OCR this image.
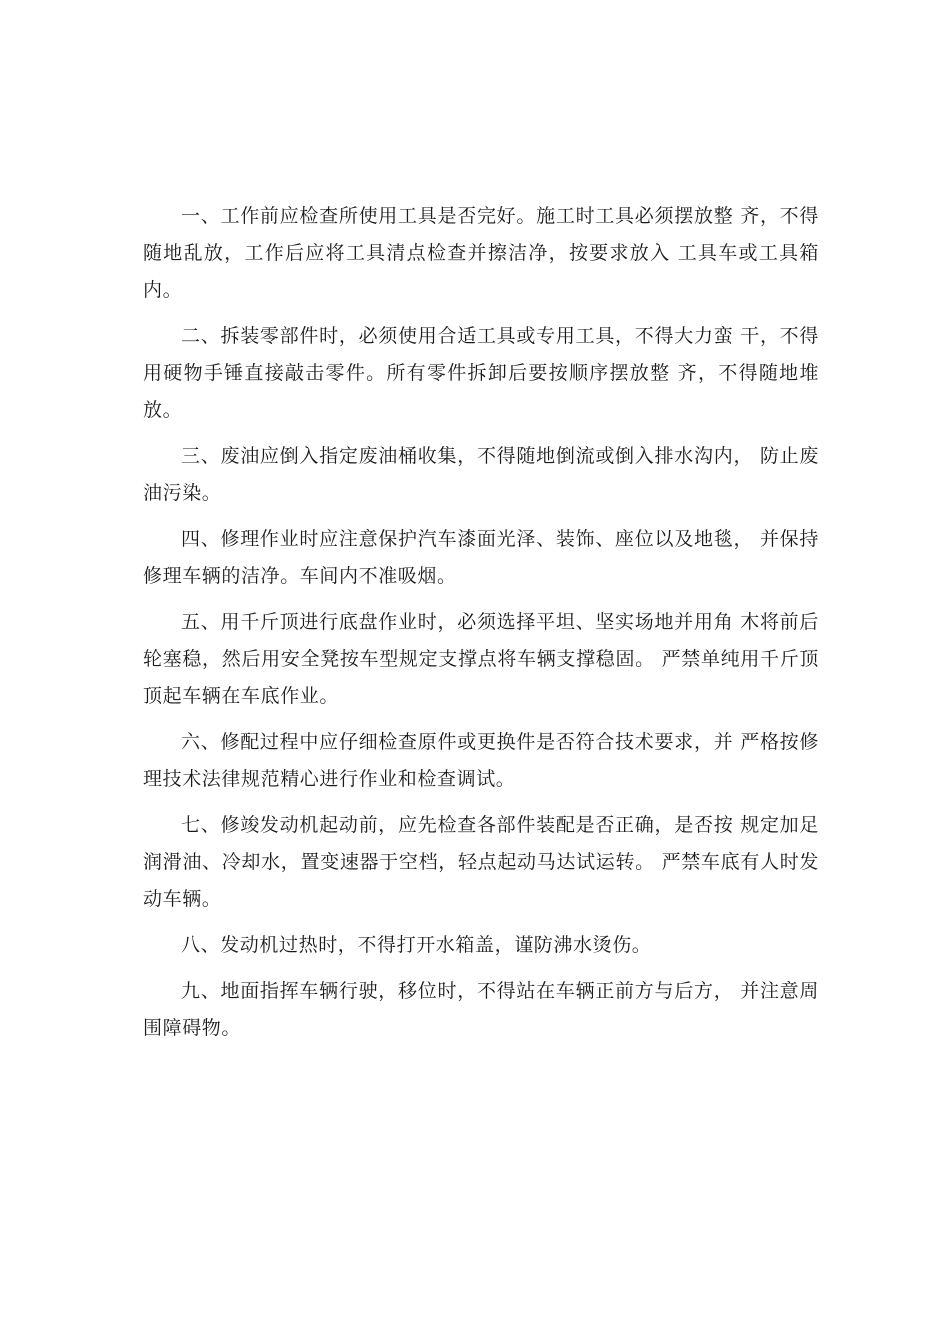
一、工作前应检查所使用工具是否完好。施工时工具必须摆放整 齐，不得随地乱放，工作后应将工具清点检查并擦洁净，按要求放入 工具车或工具箱内。

二、拆装零部件时，必须使用合适工具或专用工具，不得大力蛮 干，不得用硬物手锤直接敲击零件。所有零件拆卸后要按顺序摆放整 齐，不得随地堆放。

三、废油应倒入指定废油桶收集，不得随地倒流或倒入排水沟内， 防止废油污染。

四、修理作业时应注意保护汽车漆面光泽、装饰、座位以及地毯， 并保持修理车辆的洁净。车间内不准吸烟。

五、用千斤顶进行底盘作业时，必须选择平坦、坚实场地并用角 木将前后轮塞稳，然后用安全凳按车型规定支撑点将车辆支撑稳固。 严禁单纯用千斤顶顶起车辆在车底作业。

六、修配过程中应仔细检查原件或更换件是否符合技术要求，并 严格按修理技术法律规范精心进行作业和检查调试。

七、修竣发动机起动前，应先检查各部件装配是否正确，是否按 规定加足润滑油、冷却水，置变速器于空档，轻点起动马达试运转。 严禁车底有人时发动车辆。

八、发动机过热时，不得打开水箱盖，谨防沸水烫伤。

九、地面指挥车辆行驶，移位时，不得站在车辆正前方与后方， 并注意周围障碍物。
